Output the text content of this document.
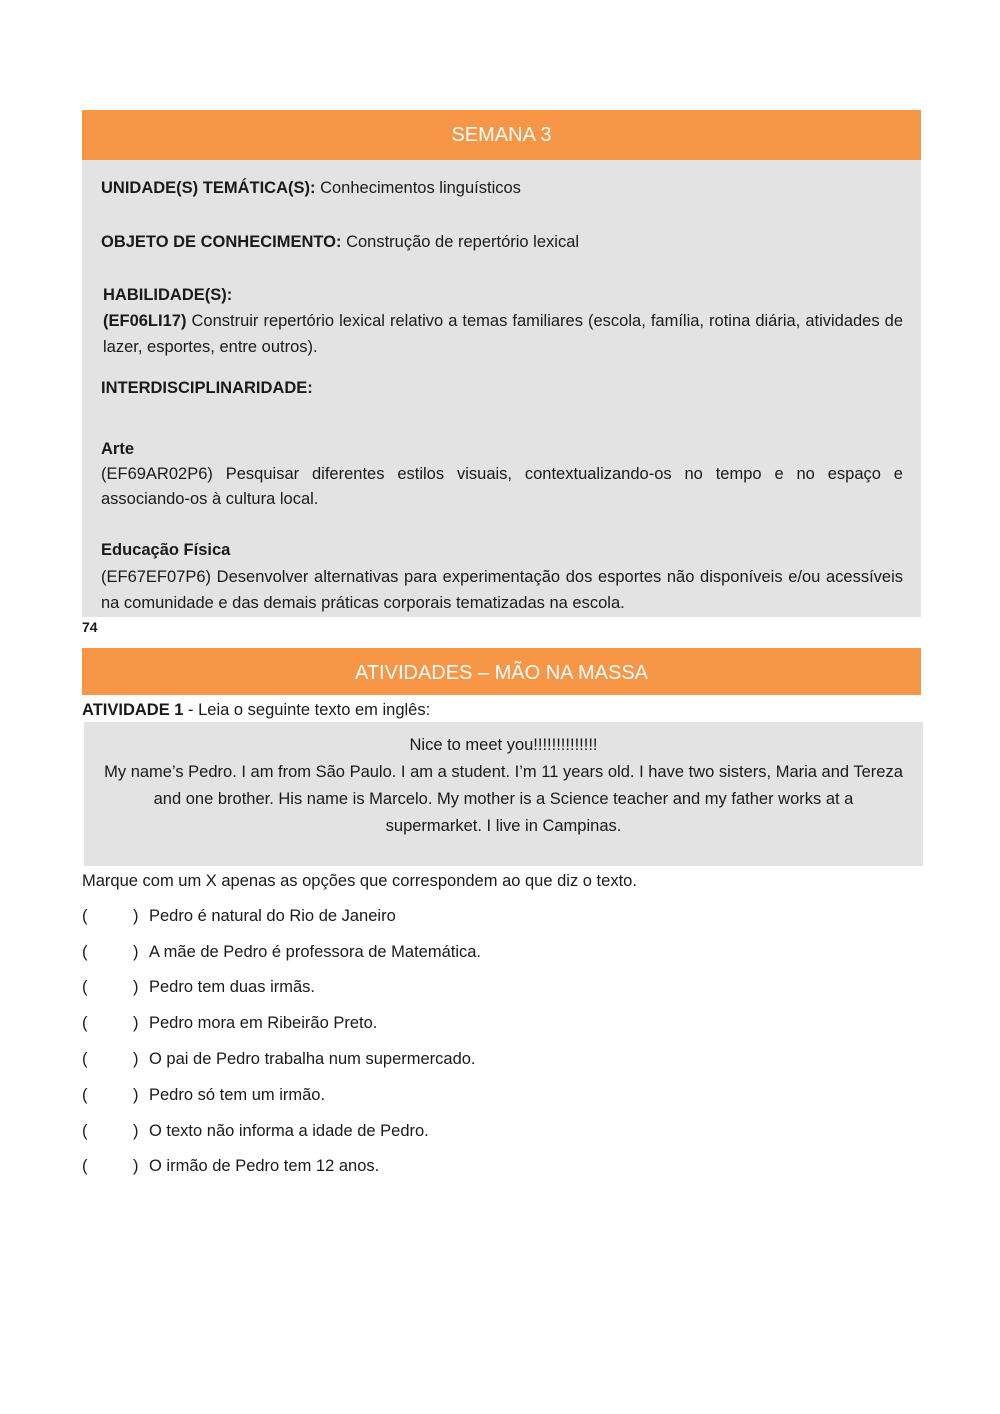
SEMANA 3
UNIDADE(S) TEMÁTICA(S): Conhecimentos linguísticos
OBJETO DE CONHECIMENTO: Construção de repertório lexical
HABILIDADE(S):
(EF06LI17) Construir repertório lexical relativo a temas familiares (escola, família, rotina diária, atividades de lazer, esportes, entre outros).
INTERDISCIPLINARIDADE:
Arte
(EF69AR02P6) Pesquisar diferentes estilos visuais, contextualizando-os no tempo e no espaço e associando-os à cultura local.
Educação Física
(EF67EF07P6) Desenvolver alternativas para experimentação dos esportes não disponíveis e/ou acessíveis na comunidade e das demais práticas corporais tematizadas na escola.
74
ATIVIDADES – MÃO NA MASSA
ATIVIDADE 1 - Leia o seguinte texto em inglês:
Nice to meet you!!!!!!!!!!!!!!
My name’s Pedro. I am from São Paulo. I am a student. I’m 11 years old. I have two sisters, Maria and Tereza and one brother. His name is Marcelo. My mother is a Science teacher and my father works at a supermarket. I live in Campinas.
Marque com um X apenas as opções que correspondem ao que diz o texto.
(	) Pedro é natural do Rio de Janeiro
(	) A mãe de Pedro é professora de Matemática.
(	) Pedro tem duas irmãs.
(	) Pedro mora em Ribeirão Preto.
(	) O pai de Pedro trabalha num supermercado.
(	) Pedro só tem um irmão.
(	) O texto não informa a idade de Pedro.
(	) O irmão de Pedro tem 12 anos.
